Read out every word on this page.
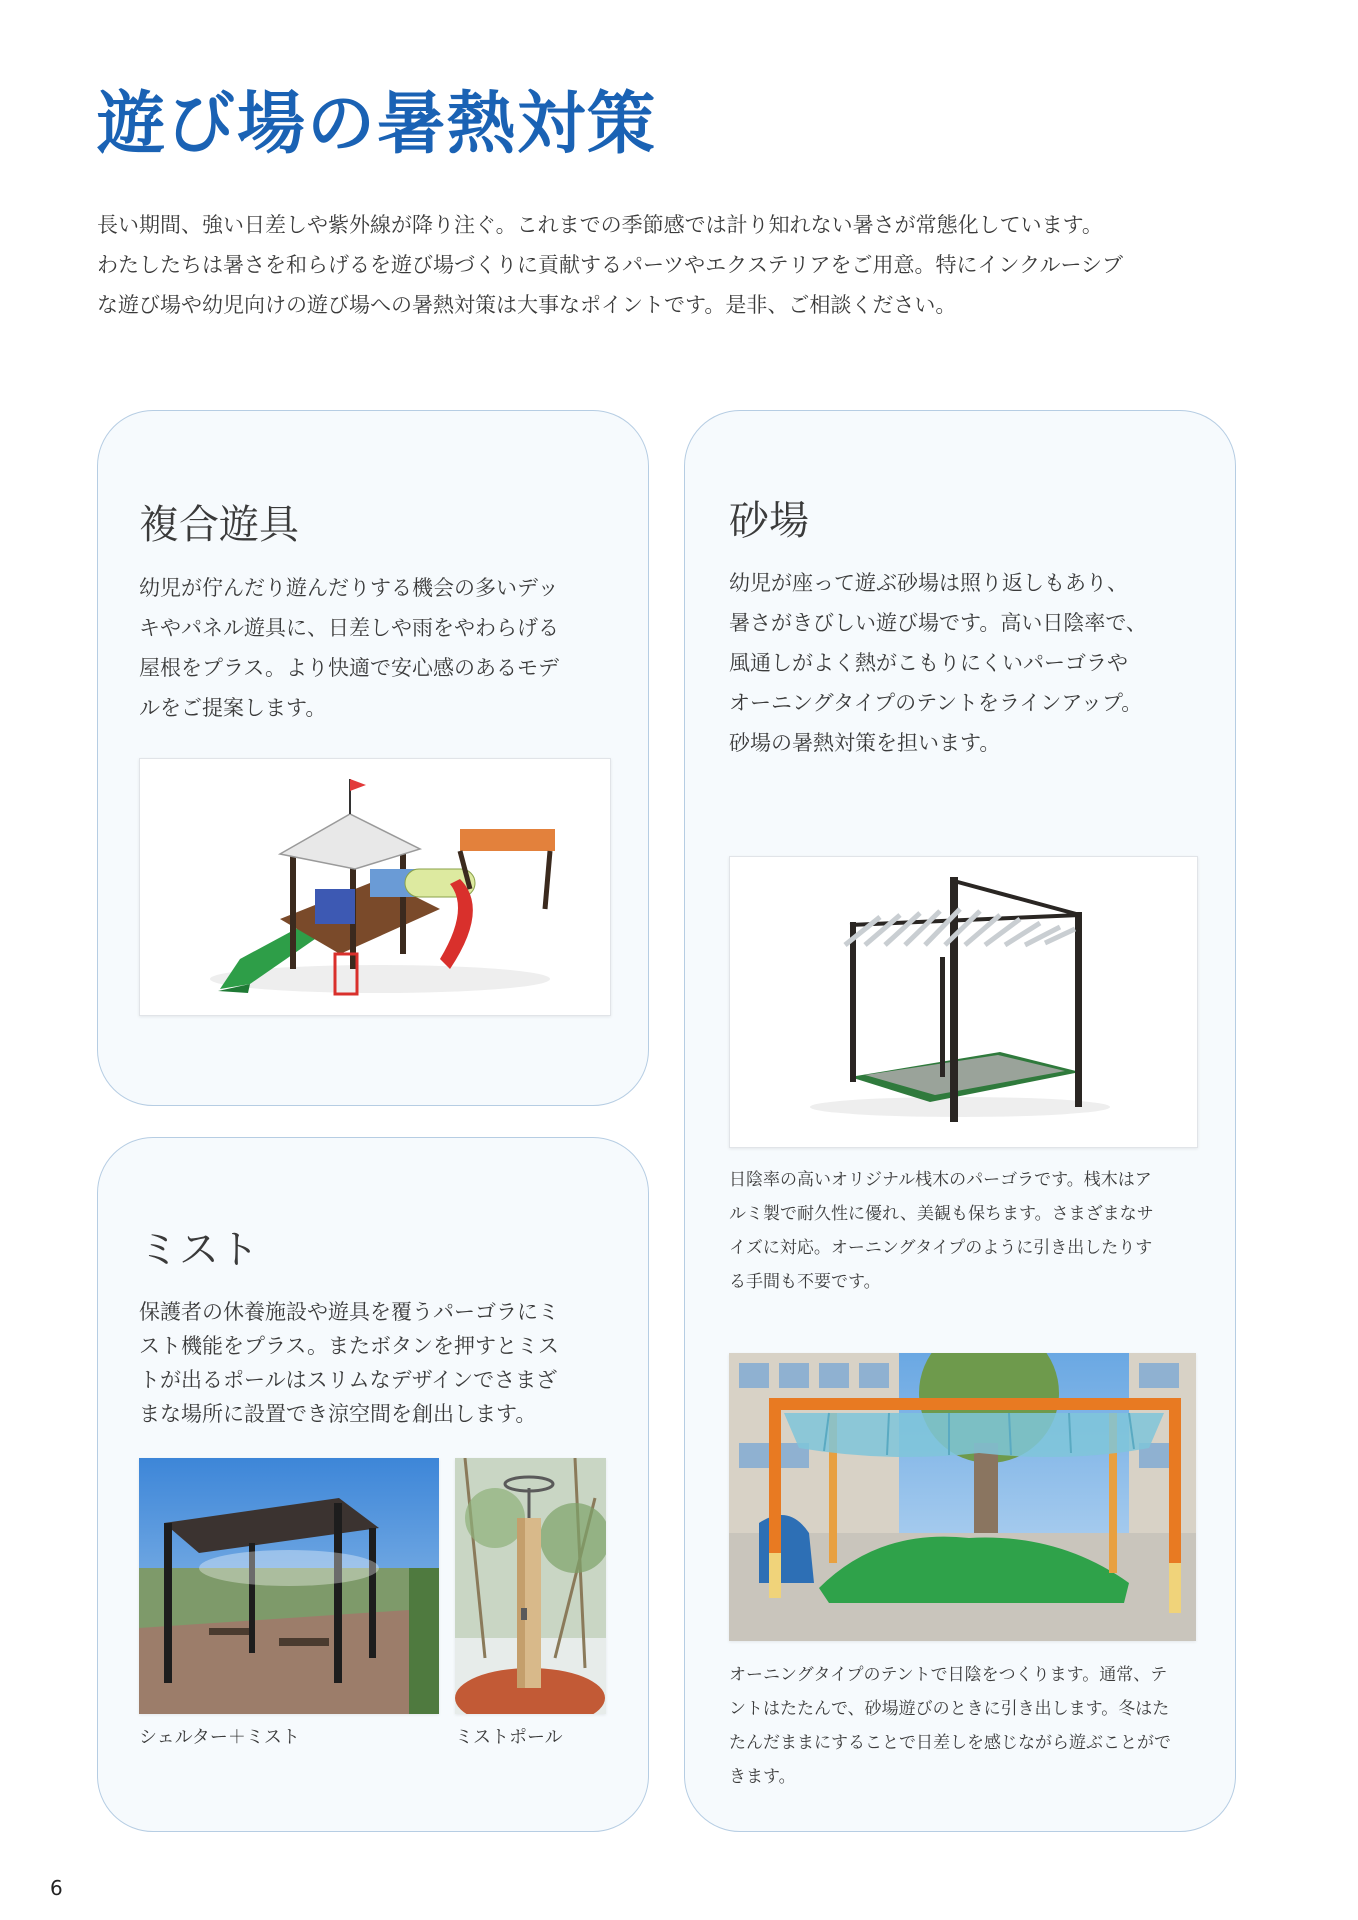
遊び場の暑熱対策

長い期間、強い日差しや紫外線が降り注ぐ。これまでの季節感では計り知れない暑さが常態化しています。

わたしたちは暑さを和らげるを遊び場づくりに貢献するパーツやエクステリアをご用意。特にインクルーシブ

な遊び場や幼児向けの遊び場への暑熱対策は大事なポイントです。是非、ご相談ください。

複合遊具

幼児が佇んだり遊んだりする機会の多いデッ

キやパネル遊具に、日差しや雨をやわらげる

屋根をプラス。より快適で安心感のあるモデ

ルをご提案します。

ミスト

保護者の休養施設や遊具を覆うパーゴラにミ

スト機能をプラス。またボタンを押すとミス

トが出るポールはスリムなデザインでさまざ

まな場所に設置でき涼空間を創出します。

シェルター＋ミスト	ミストポール
砂場

幼児が座って遊ぶ砂場は照り返しもあり、

暑さがきびしい遊び場です。高い日陰率で、

風通しがよく熱がこもりにくいパーゴラや

オーニングタイプのテントをラインアップ。

砂場の暑熱対策を担います。

日陰率の高いオリジナル桟木のパーゴラです。桟木はア

ルミ製で耐久性に優れ、美観も保ちます。さまざまなサ

イズに対応。オーニングタイプのように引き出したりす

る手間も不要です。

オーニングタイプのテントで日陰をつくります。通常、テ

ントはたたんで、砂場遊びのときに引き出します。冬はた

たんだままにすることで日差しを感じながら遊ぶことがで

きます。

6
